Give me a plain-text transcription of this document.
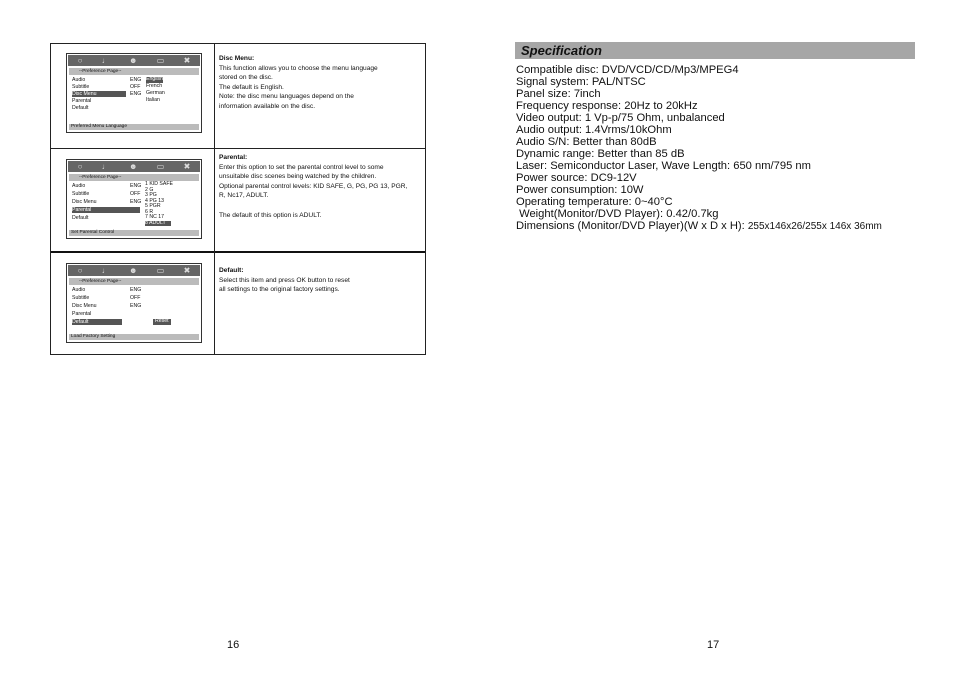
○ ♩ ☻ ▭ ✖
--Preference Page--
Audio	ENG
Subtitle	OFF
Disc Menu	ENG
Parental
Default
English
French
German
Italian
Preferred Menu Language

Disc Menu:

This function allows you to choose the menu language

stored on the disc.

The default is English.

Note: the disc menu languages depend on the

information available on the disc.

○ ♩ ☻ ▭ ✖
--Preference Page--
Audio	ENG
Subtitle	OFF
Disc Menu	ENG
Parental
Default
1 KID SAFE
2 G
3 PG
4 PG 13
5 PGR
6 R
7 NC 17
8 ADULT
Set Parental Control

Parental:

Enter this option to set the parental control level to some

unsuitable disc scenes being watched by the children.

Optional parental control levels: KID SAFE, G, PG, PG 13, PGR,

R, Nc17, ADULT.

The default of this option is ADULT.

○ ♩ ☻ ▭ ✖
--Preference Page--
Audio	ENG
Subtitle	OFF
Disc Menu	ENG
Parental
Default	Reset
Load Factory Setting

Default:

Select this item and press OK button to reset

all settings to the original factory settings.

16
Specification
Compatible disc: DVD/VCD/CD/Mp3/MPEG4
Signal system: PAL/NTSC
Panel size: 7inch
Frequency response: 20Hz to 20kHz
Video output: 1 Vp-p/75 Ohm, unbalanced
Audio output: 1.4Vrms/10kOhm
Audio S/N: Better than 80dB
Dynamic range: Better than 85 dB
Laser: Semiconductor Laser, Wave Length: 650 nm/795 nm
Power source: DC9-12V
Power consumption: 10W
Operating temperature: 0~40°C
Weight(Monitor/DVD Player): 0.42/0.7kg
Dimensions (Monitor/DVD Player)(W x D x H): 255x146x26/255x 146x 36mm
17
